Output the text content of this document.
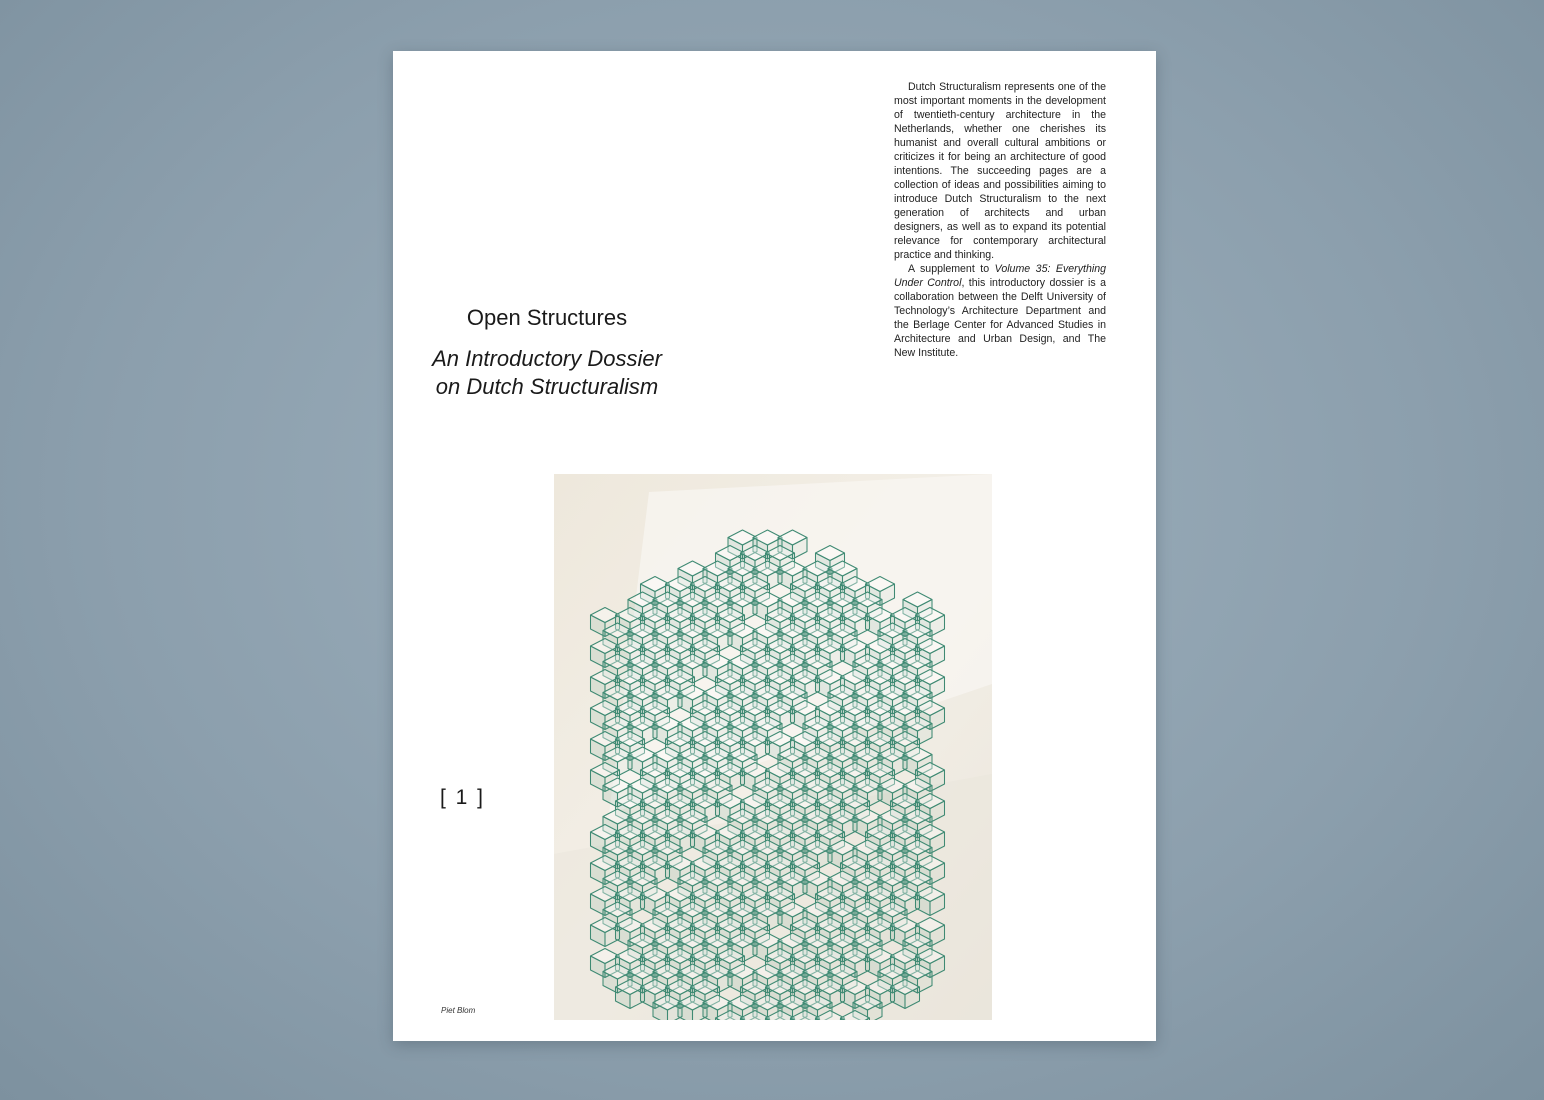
Dutch Structuralism represents one of the most important moments in the development of twentieth-century architecture in the Netherlands, whether one cherishes its humanist and overall cultural ambitions or criticizes it for being an architecture of good intentions. The succeeding pages are a collection of ideas and possibilities aiming to introduce Dutch Structuralism to the next generation of architects and urban designers, as well as to expand its potential relevance for contemporary architectural practice and thinking.

A supplement to Volume 35: Everything Under Control, this introductory dossier is a collaboration between the Delft University of Technology’s Architecture Department and the Berlage Center for Advanced Studies in Architecture and Urban Design, and The New Institute.

Open Structures
An Introductory Dossier on Dutch Structuralism
[ 1 ]
Piet Blom
